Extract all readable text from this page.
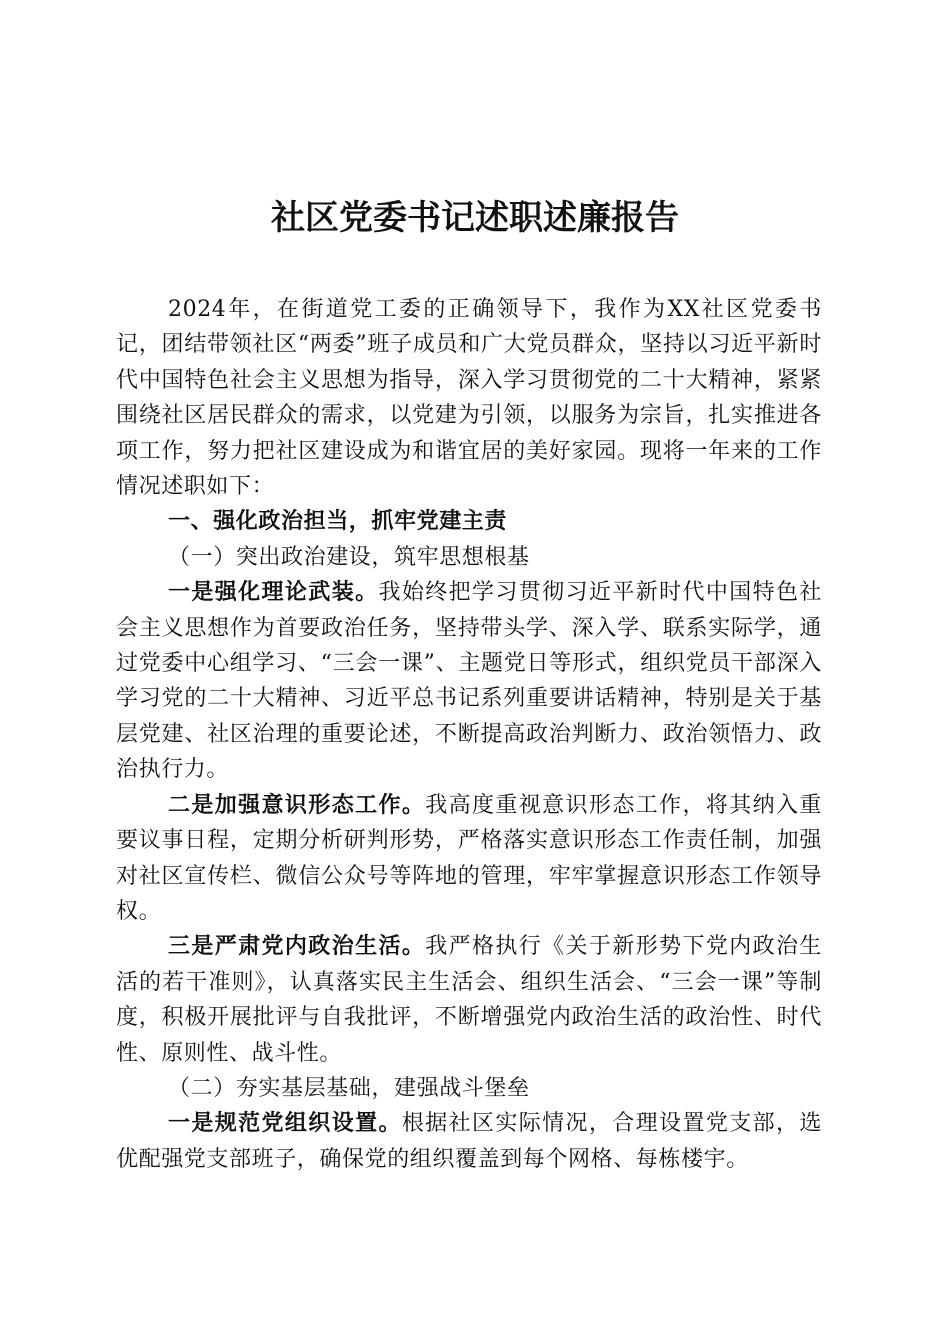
社区党委书记述职述廉报告

2024年，在街道党工委的正确领导下，我作为XX社区党委书记，团结带领社区“两委”班子成员和广大党员群众，坚持以习近平新时代中国特色社会主义思想为指导，深入学习贯彻党的二十大精神，紧紧围绕社区居民群众的需求，以党建为引领，以服务为宗旨，扎实推进各项工作，努力把社区建设成为和谐宜居的美好家园。现将一年来的工作情况述职如下：

一、强化政治担当，抓牢党建主责

（一）突出政治建设，筑牢思想根基

一是强化理论武装。我始终把学习贯彻习近平新时代中国特色社会主义思想作为首要政治任务，坚持带头学、深入学、联系实际学，通过党委中心组学习、“三会一课”、主题党日等形式，组织党员干部深入学习党的二十大精神、习近平总书记系列重要讲话精神，特别是关于基层党建、社区治理的重要论述，不断提高政治判断力、政治领悟力、政治执行力。

二是加强意识形态工作。我高度重视意识形态工作，将其纳入重要议事日程，定期分析研判形势，严格落实意识形态工作责任制，加强对社区宣传栏、微信公众号等阵地的管理，牢牢掌握意识形态工作领导权。

三是严肃党内政治生活。我严格执行《关于新形势下党内政治生活的若干准则》，认真落实民主生活会、组织生活会、“三会一课”等制度，积极开展批评与自我批评，不断增强党内政治生活的政治性、时代性、原则性、战斗性。

（二）夯实基层基础，建强战斗堡垒

一是规范党组织设置。根据社区实际情况，合理设置党支部，选优配强党支部班子，确保党的组织覆盖到每个网格、每栋楼宇。
